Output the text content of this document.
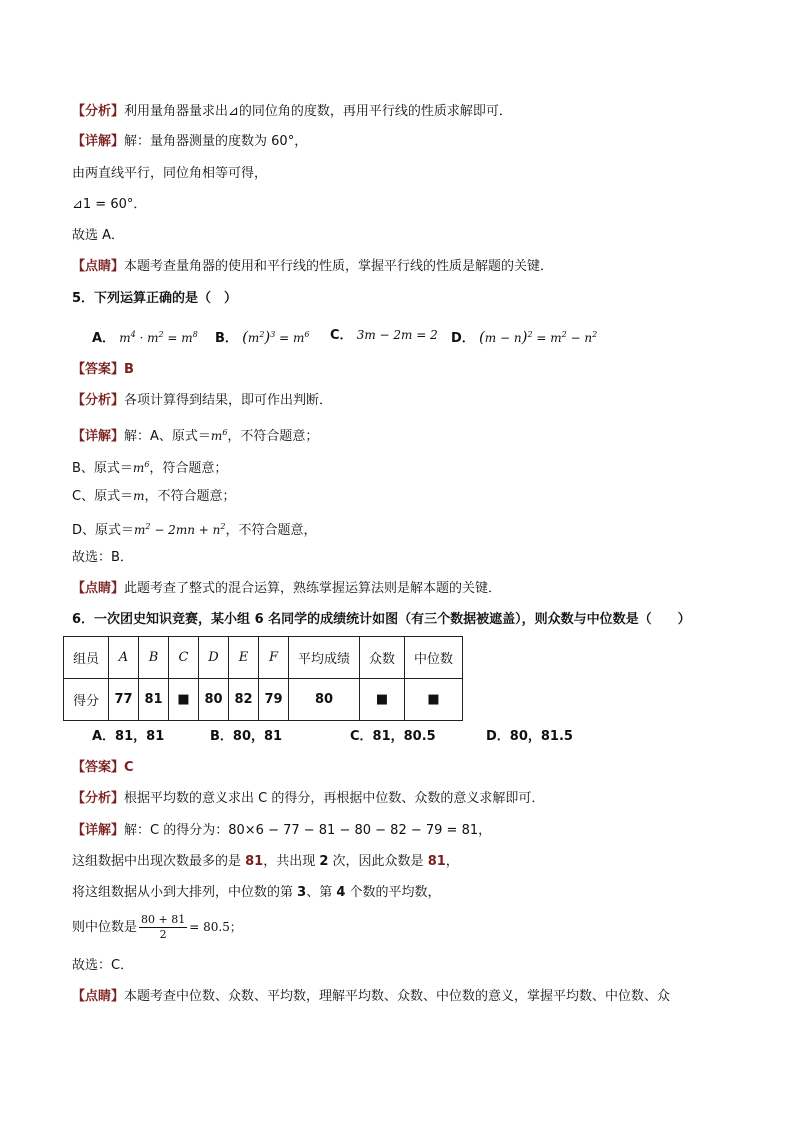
【分析】利用量角器量求出⊿的同位角的度数，再用平行线的性质求解即可．
【详解】解：量角器测量的度数为 60°，
由两直线平行，同位角相等可得，
⊿1 = 60°．
故选 A．
【点睛】本题考查量角器的使用和平行线的性质，掌握平行线的性质是解题的关键．
5．下列运算正确的是（　）
A． $m^4 \cdot m^2 = m^8$ B． $(m^2)^3 = m^6$ C． 3m − 2m = 2 D． $(m - n)^2 = m^2 - n^2$
【答案】B
【分析】各项计算得到结果，即可作出判断．
【详解】解：A、原式$=m^6$，不符合题意；
B、原式$=m^6$，符合题意；
C、原式＝m，不符合题意；
D、原式$=m^2 - 2mn + n^2$，不符合题意，
故选：B．
【点睛】此题考查了整式的混合运算，熟练掌握运算法则是解本题的关键．
6．一次团史知识竞赛，某小组 6 名同学的成绩统计如图（有三个数据被遮盖），则众数与中位数是（　　）
组员	A	B	C	D	E	F	平均成绩	众数	中位数
得分	77	81	■	80	82	79	80	■	■
A．81，81	B．80，81	C．81，80.5	D．80，81.5
【答案】C
【分析】根据平均数的意义求出 C 的得分，再根据中位数、众数的意义求解即可．
【详解】解：C 的得分为：80×6 − 77 − 81 − 80 − 82 − 79 = 81，
这组数据中出现次数最多的是 81，共出现 2 次，因此众数是 81，
将这组数据从小到大排列，中位数的第 3、第 4 个数的平均数，
则中位数是 $\frac{80 + 81}{2} = 80.5$；
故选：C．
【点睛】本题考查中位数、众数、平均数，理解平均数、众数、中位数的意义，掌握平均数、中位数、众
